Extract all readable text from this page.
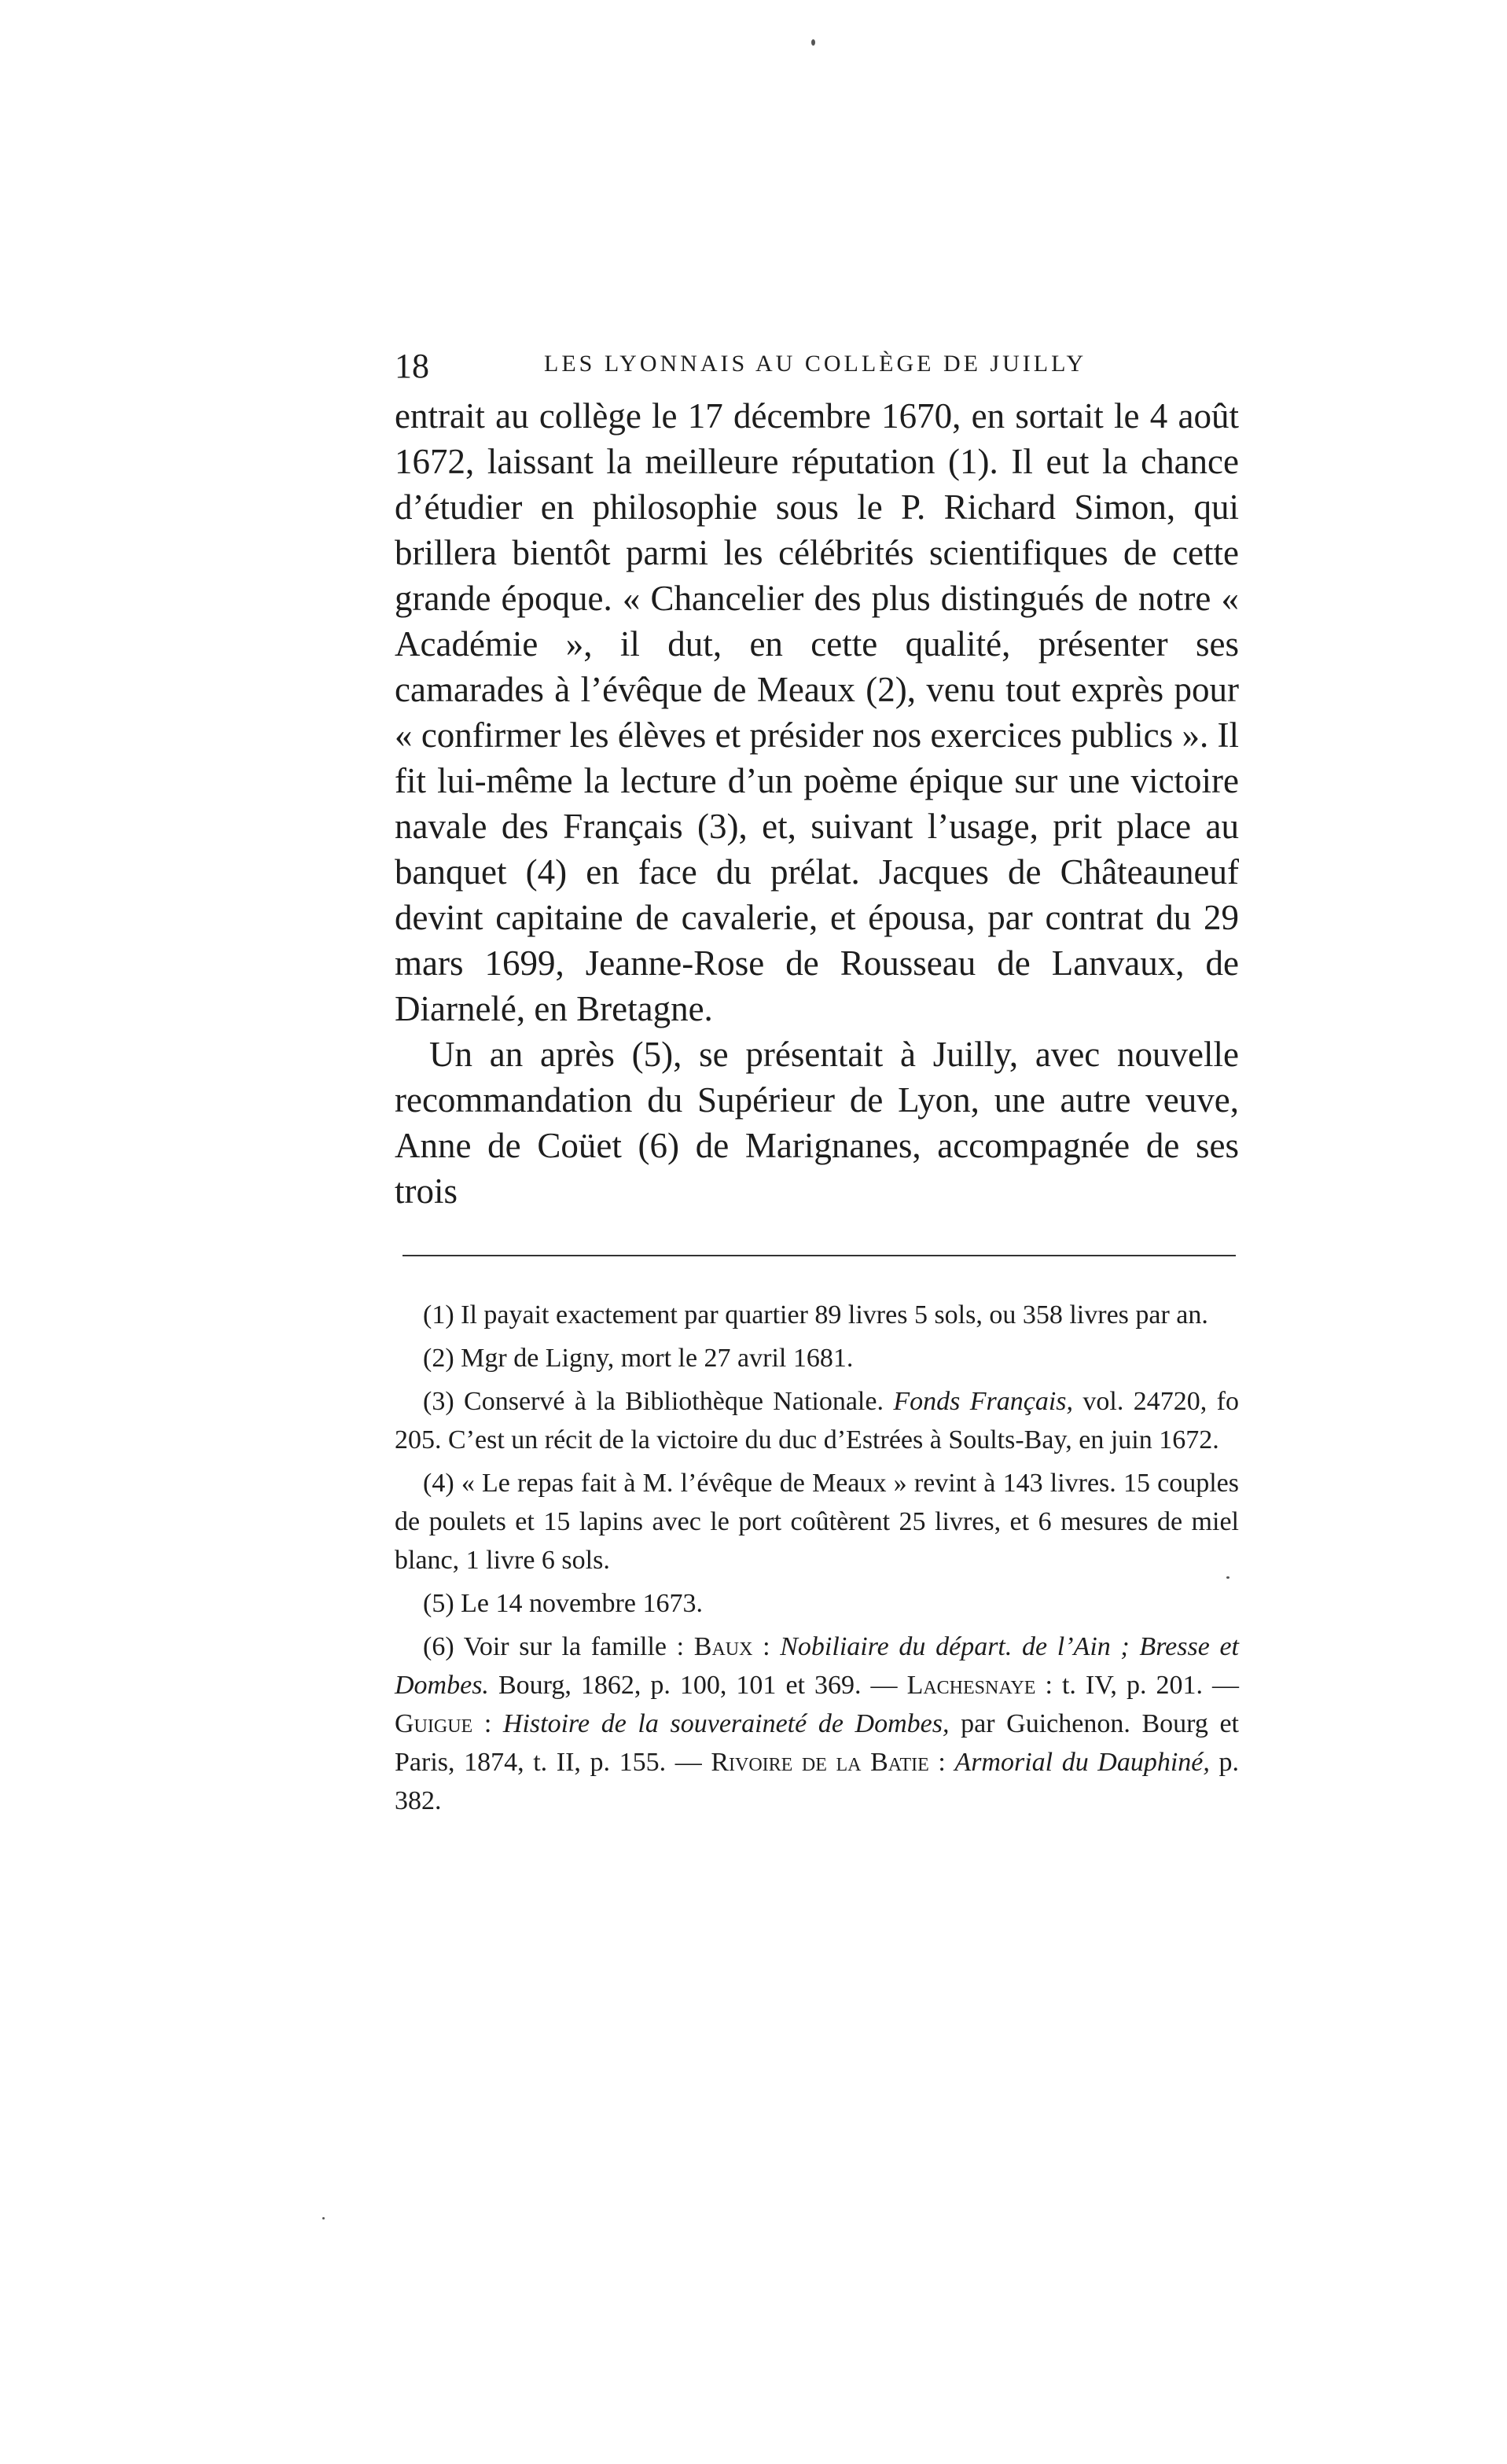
18	LES LYONNAIS AU COLLÈGE DE JUILLY

entrait au collège le 17 décembre 1670, en sortait le 4 août 1672, laissant la meilleure réputation (1). Il eut la chance d’étudier en philosophie sous le P. Richard Simon, qui brillera bientôt parmi les célébrités scientifiques de cette grande époque. « Chancelier des plus distingués de notre « Académie », il dut, en cette qualité, présenter ses camarades à l’évêque de Meaux (2), venu tout exprès pour « confirmer les élèves et présider nos exercices publics ». Il fit lui-même la lecture d’un poème épique sur une victoire navale des Français (3), et, suivant l’usage, prit place au banquet (4) en face du prélat. Jacques de Châteauneuf devint capitaine de cavalerie, et épousa, par contrat du 29 mars 1699, Jeanne-Rose de Rousseau de Lanvaux, de Diarnelé, en Bretagne.

Un an après (5), se présentait à Juilly, avec nouvelle recommandation du Supérieur de Lyon, une autre veuve, Anne de Coüet (6) de Marignanes, accompagnée de ses trois

(1) Il payait exactement par quartier 89 livres 5 sols, ou 358 livres par an.

(2) Mgr de Ligny, mort le 27 avril 1681.

(3) Conservé à la Bibliothèque Nationale. Fonds Français, vol. 24720, fo 205. C’est un récit de la victoire du duc d’Estrées à Soults-Bay, en juin 1672.

(4) « Le repas fait à M. l’évêque de Meaux » revint à 143 livres. 15 couples de poulets et 15 lapins avec le port coûtèrent 25 livres, et 6 mesures de miel blanc, 1 livre 6 sols.

(5) Le 14 novembre 1673.

(6) Voir sur la famille : Baux : Nobiliaire du départ. de l’Ain ; Bresse et Dombes. Bourg, 1862, p. 100, 101 et 369. — Lachesnaye : t. IV, p. 201. — Guigue : Histoire de la souveraineté de Dombes, par Guichenon. Bourg et Paris, 1874, t. II, p. 155. — Rivoire de la Batie : Armorial du Dauphiné, p. 382.
